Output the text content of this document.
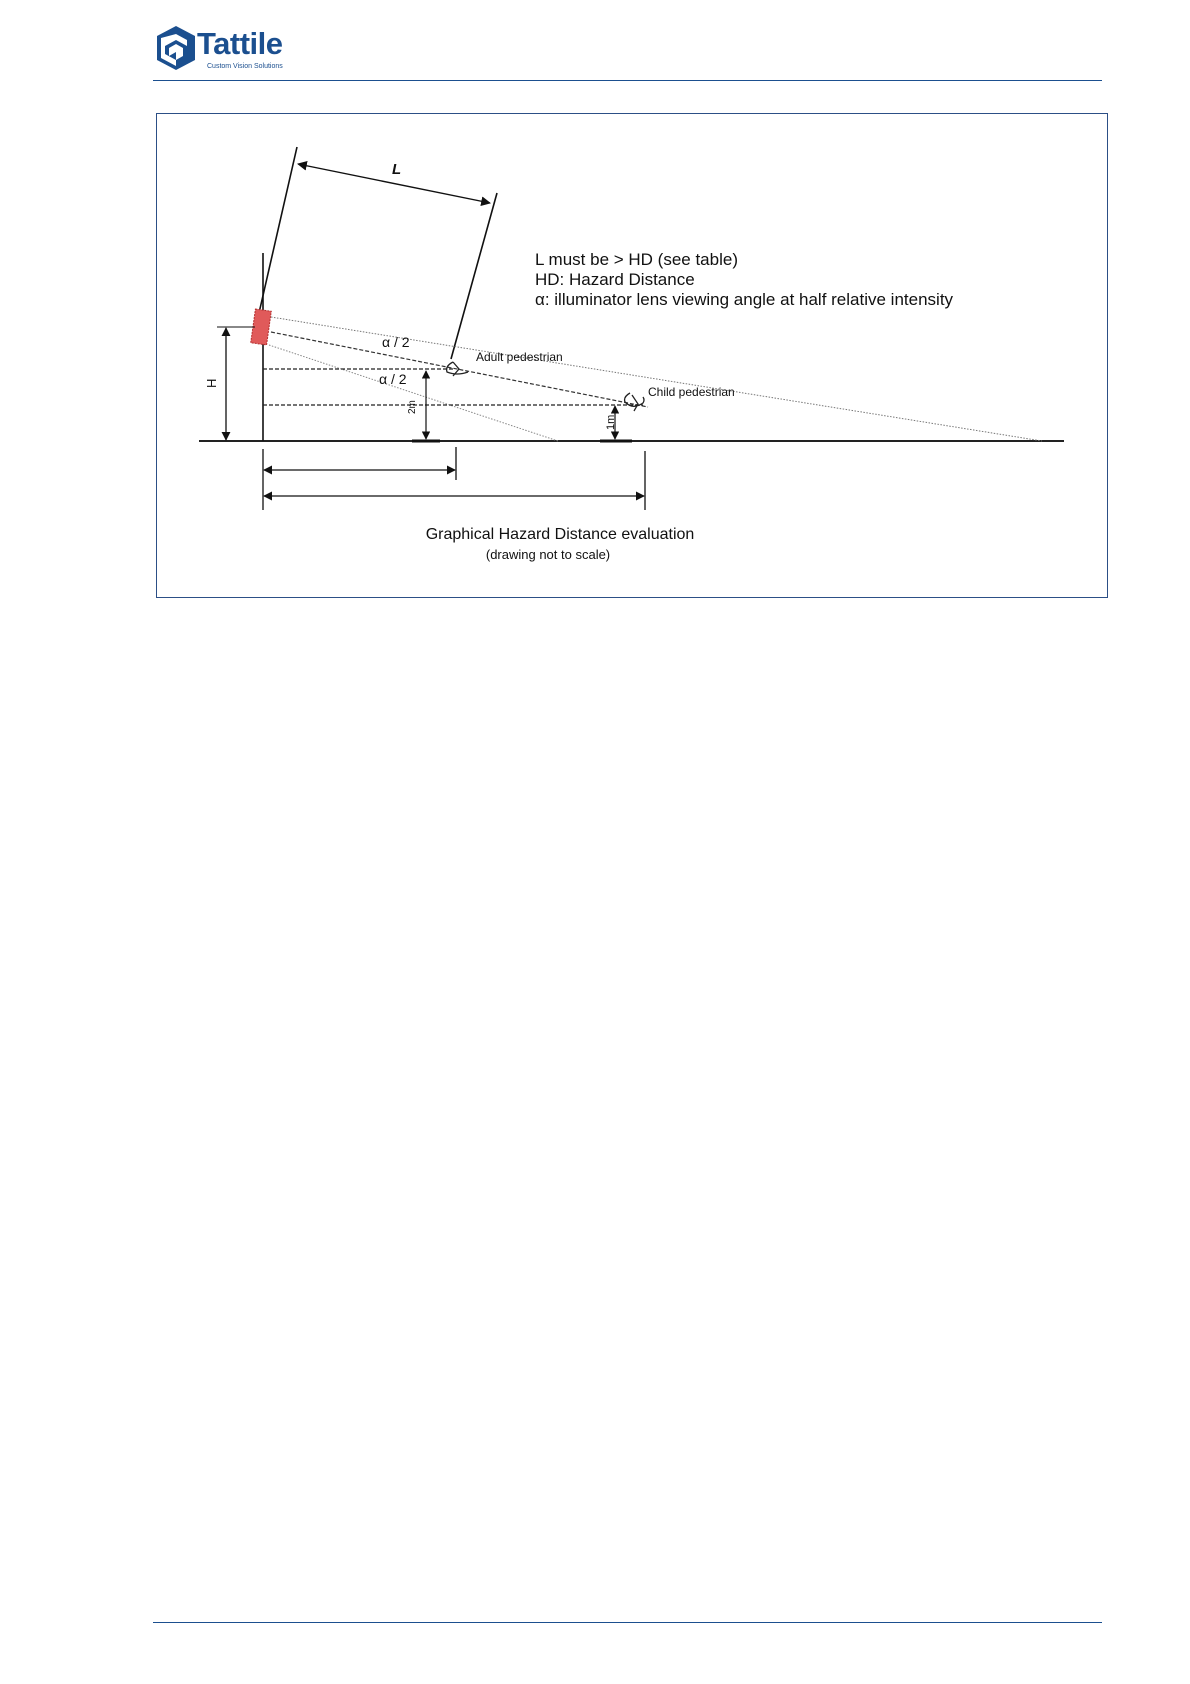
Tattile
Custom Vision Solutions
L
L must be > HD (see table)
HD: Hazard Distance
α: illuminator lens viewing angle at half relative intensity
H
α / 2
α / 2
2m
Adult pedestrian
1m
Child pedestrian
Graphical Hazard Distance evaluation
(drawing not to scale)
